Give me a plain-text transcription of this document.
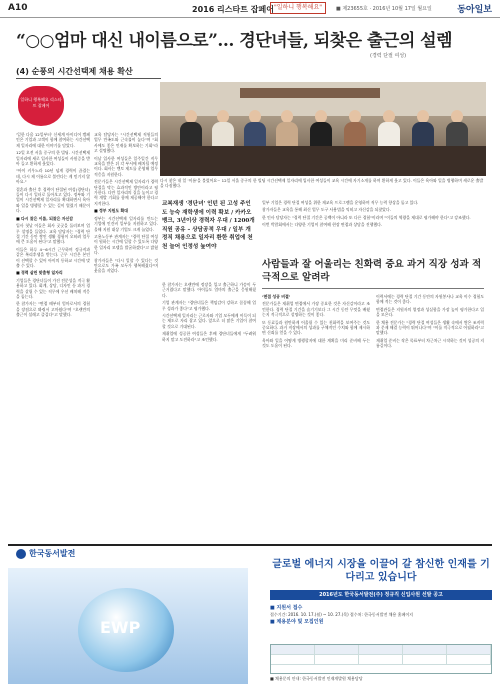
A10	2016 리스타트 잡페어 "일하니 행복해요"	■ 제23655호 · 2016년 10월 17일 월요일	동아일보
“○○엄마 대신 내이름으로”… 경단녀들, 되찾은 출근의 설렘
(경력 단절 여성)
(4) 순풍의 시간선택제 채용 확산
일하니 행복해요 리스타트 잡페어

'일한 다음 12일부터' 신세계 아이디어 캠페인은 기업과 고객이 함께 참여하는 시간선택제 일자리에 대한 이야기를 담았다.

12일 오전 서울 중구의 한 빌딩. 시간선택제 일자리에 새로 입사한 여성들이 사원증을 받아 들고 환하게 웃었다.

"아이 키우느라 10년 넘게 경력이 끊겼는데, 다시 제 이름으로 불린다는 게 믿기지 않아요."

결혼과 출산 후 경력이 단절된 여성(경단녀)들이 다시 일터로 돌아오고 있다. 정부와 기업이 시간선택제 일자리를 확대하면서 육아와 일을 병행할 수 있는 길이 열렸기 때문이다.

■ 다시 찾은 이름, 되찾은 자신감

입사 첫날 이들은 회사 곳곳을 둘러보며 업무 설명을 들었다. 교육 담당자는 "경력 단절 기간 동안 쌓인 생활 경험이 오히려 업무에 큰 도움이 된다"고 말했다.

이들은 하루 4~6시간 근무하며 정규직과 같은 복리후생을 받는다. 근무 시간은 본인이 선택할 수 있어 아이의 등하교 시간에 맞출 수 있다.

■ 경력 살린 맞춤형 일자리

기업들은 경단녀들이 가진 전문성을 적극 활용하고 있다. 회계, 상담, 디자인 등 과거 경력을 살릴 수 있는 직무에 우선 배치해 적응을 돕는다.

한 참가자는 "면접 때부터 엄마로서의 경험을 장점으로 봐줘서 고마웠다"며 "오랜만의 출근이 설레고 즐겁다"고 말했다.

교육 담당자는 "시간선택제 직원들의 업무 만족도와 근속률이 높다"며 "회사에도 좋은 인재를 확보하는 기회"라고 설명했다.

이날 입사한 여성들은 일주일간 직무 교육을 받은 뒤 각 부서에 배치될 예정이다. 회사는 멘토 제도를 운영해 업무 적응을 지원한다.

전문가들은 시간선택제 일자리가 경력 단절을 막는 효과적인 방안이라고 평가한다. 다만 일자리의 질을 높이고 경력 개발 기회를 함께 제공해야 한다고 지적한다.

■ 정부 지원도 확대

정부는 시간선택제 일자리를 만드는 기업에 인건비 일부를 지원하고 있다. 올해 지원 대상 기업도 크게 늘었다.

고용노동부 관계자는 "경력 단절 여성이 원하는 시간에 일할 수 있도록 다양한 일자리 모델을 발굴하겠다"고 밝혔다.

참가자들은 "다시 일할 수 있다는 것만으로도 가족 모두가 행복해졌다"며 웃음을 지었다.

다시 찾은 내 일 '이름'을 불렀어요~ 12일 서울 중구의 한 빌딩 시간선택제 일자리에 입사한 여성들이 교육 시간에 자기소개를 하며 환하게 웃고 있다. 이들은 육아와 일을 병행하며 새로운 출발을 다짐했다.
교복재생 '경단녀' 인턴 된 고성 주인도 능숙 재학생에 이력 확보 / 카카오뱅크, 3년이상 경력자 우대 / 1200개 직원 공유 – 상담공적 우대 / 일부 개정직 채용으로 일자리 환한 취업에 천천 늘어 인정성 높여야

한 참가자는 오랜만에 정장을 입고 출근하니 가슴이 두근거렸다고 말했다. 아이들도 엄마의 출근을 응원해줬다.

기업 관계자는 "경단녀들은 책임감이 강하고 꼼꼼해 업무 성과가 좋다"고 평가했다.

시간선택제 일자리는 근로자와 기업 모두에게 이득이 되는 제도로 자리 잡고 있다. 앞으로 더 많은 기업이 참여할 것으로 기대된다.

재취업에 성공한 여성들은 후배 경단녀들에게 "두려워하지 말고 도전하라"고 조언했다.

일부 기업은 경력 단절 여성을 위한 재교육 프로그램을 운영하며 직무 능력 향상을 돕고 있다.

참가자들은 교육을 통해 최신 업무 도구 사용법을 익히고 자신감을 되찾았다.

한 인사 담당자는 "경력 단절 기간은 공백이 아니라 또 다른 경험"이라며 "이들의 역량을 제대로 평가해야 한다"고 강조했다.

이번 박람회에서는 다양한 기업이 참여해 현장 면접과 상담을 진행했다.

사람들과 잘 어울리는 친화력 중요 과거 직장 성과 적극적으로 알려라

‘면접 성공 비결’

전문가들은 재취업 면접에서 가장 중요한 것은 자신감이라고 조언한다. 경력 단절 기간을 숨기기보다 그 시간 동안 무엇을 배웠는지 적극적으로 설명하는 것이 좋다.

또 동료들과 원만하게 어울릴 수 있는 친화력을 보여주는 것도 중요하다. 과거 직장에서의 성과를 구체적인 수치와 함께 제시하면 신뢰를 얻을 수 있다.

육아와 일을 어떻게 병행할지에 대한 계획을 미리 준비해 두는 것도 도움이 된다.

이력서에는 경력 단절 기간 동안의 자원봉사나 교육 이수 경험도 함께 적는 것이 좋다.

면접관들은 지원자의 열정과 성실함을 가장 높이 평가한다고 입을 모은다.

한 채용 전문가는 "경력 단절 여성들은 생활 속에서 쌓은 조직력과 문제 해결 능력이 뛰어나다"며 "이를 적극적으로 어필하라"고 말했다.

재취업 준비는 작은 목표부터 차근차근 시작하는 것이 성공의 지름길이다.

한국동서발전
EWP
글로벌 에너지 시장을 이끌어 갈 참신한 인재를 기다리고 있습니다
2016년도 한국동서발전(주) 정규직 신입사원 선발 공고
■ 지원서 접수
접수기간: 2016. 10. 17.(월) ~ 10. 27.(목) 접수처: 한국동서발전 채용 홈페이지
■ 채용분야 및 모집인원
■ 채용문의 안내: 한국동서발전 인재개발원 채용담당
